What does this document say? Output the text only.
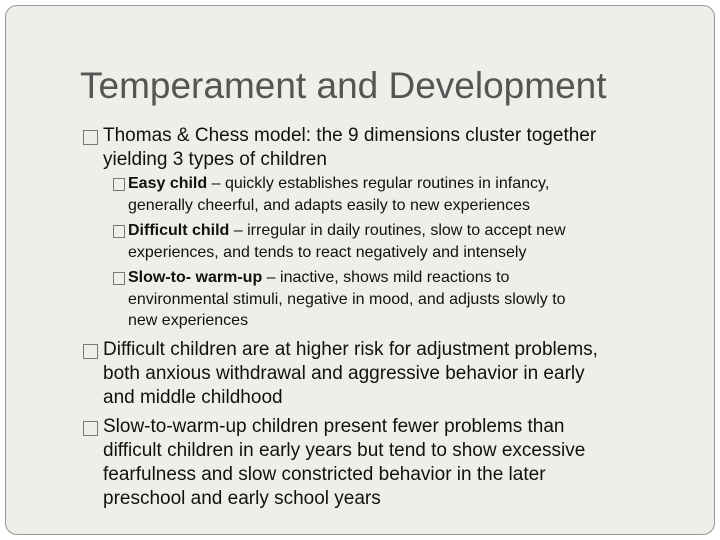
Temperament and Development
Thomas & Chess model: the 9 dimensions cluster together
yielding 3 types of children
Easy child – quickly establishes regular routines in infancy,
generally cheerful, and adapts easily to new experiences
Difficult child – irregular in daily routines, slow to accept new
experiences, and tends to react negatively and intensely
Slow-to- warm-up – inactive, shows mild reactions to
environmental stimuli, negative in mood, and adjusts slowly to
new experiences
Difficult children are at higher risk for adjustment problems,
both anxious withdrawal and aggressive behavior in early
and middle childhood
Slow-to-warm-up children present fewer problems than
difficult children in early years but tend to show excessive
fearfulness and slow constricted behavior in the later
preschool and early school years
